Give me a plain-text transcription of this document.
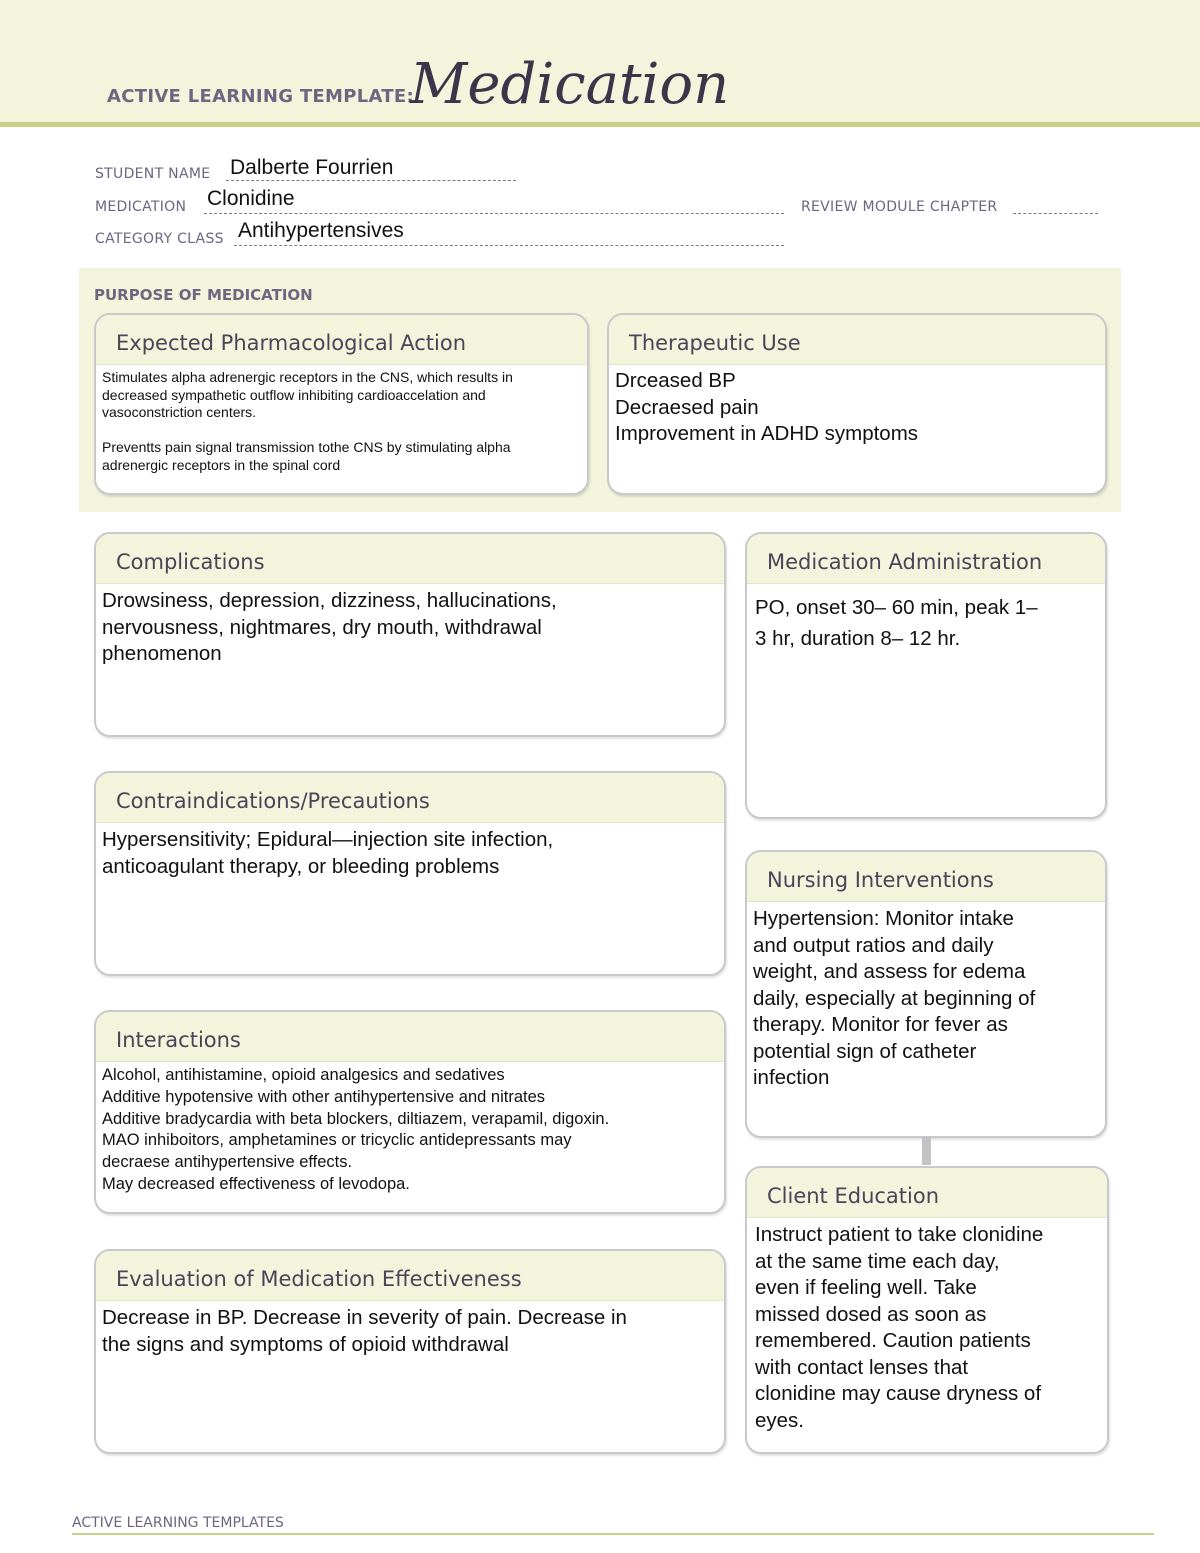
ACTIVE LEARNING TEMPLATE:
Medication
STUDENT NAME Dalberte Fourrien
MEDICATION Clonidine	REVIEW MODULE CHAPTER
CATEGORY CLASS Antihypertensives
PURPOSE OF MEDICATION
Expected Pharmacological Action
Stimulates alpha adrenergic receptors in the CNS, which results in
decreased sympathetic outflow inhibiting cardioaccelation and
vasoconstriction centers.

Preventts pain signal transmission tothe CNS by stimulating alpha
adrenergic receptors in the spinal cord
Therapeutic Use
Drceased BP
Decraesed pain
Improvement in ADHD symptoms
Complications
Drowsiness, depression, dizziness, hallucinations,
nervousness, nightmares, dry mouth, withdrawal
phenomenon
Contraindications/Precautions
Hypersensitivity; Epidural—injection site infection,
anticoagulant therapy, or bleeding problems
Interactions
Alcohol, antihistamine, opioid analgesics and sedatives
Additive hypotensive with other antihypertensive and nitrates
Additive bradycardia with beta blockers, diltiazem, verapamil, digoxin.
MAO inhiboitors, amphetamines or tricyclic antidepressants may
decraese antihypertensive effects.
May decreased effectiveness of levodopa.
Evaluation of Medication Effectiveness
Decrease in BP. Decrease in severity of pain. Decrease in
the signs and symptoms of opioid withdrawal
Medication Administration
PO, onset 30– 60 min, peak 1–
3 hr, duration 8– 12 hr.
Nursing Interventions
Hypertension: Monitor intake
and output ratios and daily
weight, and assess for edema
daily, especially at beginning of
therapy. Monitor for fever as
potential sign of catheter
infection
Client Education
Instruct patient to take clonidine
at the same time each day,
even if feeling well. Take
missed dosed as soon as
remembered. Caution patients
with contact lenses that
clonidine may cause dryness of
eyes.
ACTIVE LEARNING TEMPLATES
